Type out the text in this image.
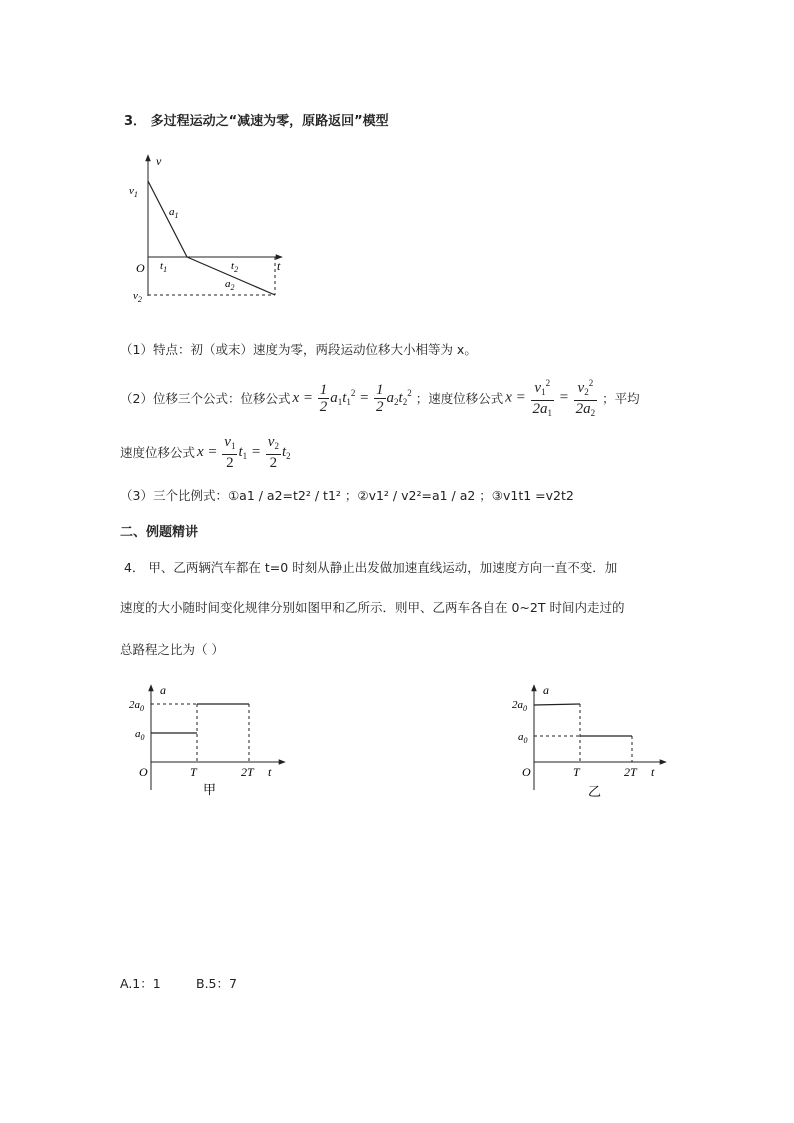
3． 多过程运动之“减速为零，原路返回”模型
v
t
O
$v_1$
$v_2$
$a_1$
$a_2$
$t_1$	$t_2$
（1）特点：初（或末）速度为零，两段运动位移大小相等为 x。
（2）位移三个公式：位移公式 $x = \frac{1}{2} a_1t_1^2 = \frac{1}{2} a_2t_2^2$ ；速度位移公式 $x = \frac{v_1^2}{2a_1} = \frac{v_2^2}{2a_2}$ ；平均
速度位移公式 $x = \frac{v_1}{2} t_1 = \frac{v_2}{2} t_2$
（3）三个比例式：①a1 / a2=t2² / t1² ；②v1² / v2²=a1 / a2 ；③v1t1 =v2t2
二、例题精讲
4． 甲、乙两辆汽车都在 t=0 时刻从静止出发做加速直线运动，加速度方向一直不变．加
速度的大小随时间变化规律分别如图甲和乙所示．则甲、乙两车各自在 0~2T 时间内走过的
总路程之比为（ ）
a
t
O
$2a_0$
$a_0$
T	2T
甲
a
t
O
$2a_0$
$a_0$
T	2T
乙
A.1：1	B.5：7
